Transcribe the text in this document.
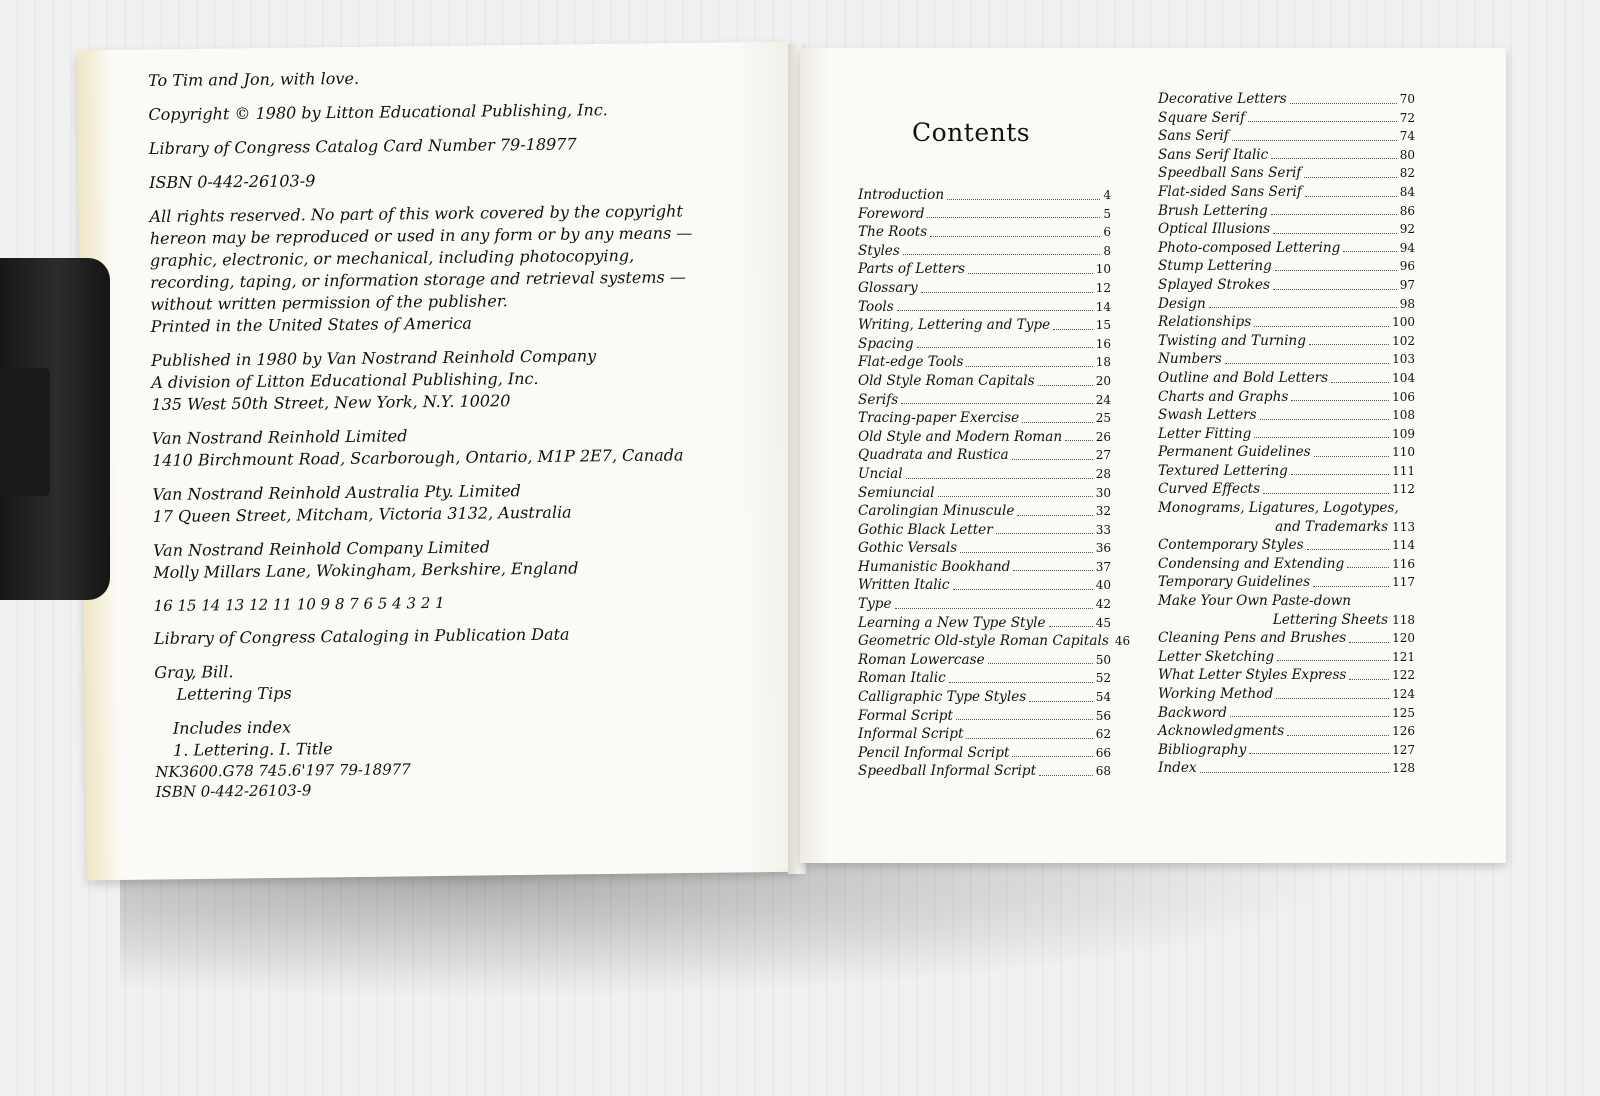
To Tim and Jon, with love.
Copyright © 1980 by Litton Educational Publishing, Inc.
Library of Congress Catalog Card Number 79-18977
ISBN 0-442-26103-9
All rights reserved. No part of this work covered by the copyright
hereon may be reproduced or used in any form or by any means —
graphic, electronic, or mechanical, including photocopying,
recording, taping, or information storage and retrieval systems —
without written permission of the publisher.
Printed in the United States of America
Published in 1980 by Van Nostrand Reinhold Company
A division of Litton Educational Publishing, Inc.
135 West 50th Street, New York, N.Y. 10020
Van Nostrand Reinhold Limited
1410 Birchmount Road, Scarborough, Ontario, M1P 2E7, Canada
Van Nostrand Reinhold Australia Pty. Limited
17 Queen Street, Mitcham, Victoria 3132, Australia
Van Nostrand Reinhold Company Limited
Molly Millars Lane, Wokingham, Berkshire, England
16 15 14 13 12 11 10 9 8 7 6 5 4 3 2 1
Library of Congress Cataloging in Publication Data
Gray, Bill.
Lettering Tips
Includes index
1. Lettering. I. Title
NK3600.G78 745.6'197 79-18977
ISBN 0-442-26103-9
Contents
Introduction	4
Foreword	5
The Roots	6
Styles	8
Parts of Letters	10
Glossary	12
Tools	14
Writing, Lettering and Type	15
Spacing	16
Flat-edge Tools	18
Old Style Roman Capitals	20
Serifs	24
Tracing-paper Exercise	25
Old Style and Modern Roman	26
Quadrata and Rustica	27
Uncial	28
Semiuncial	30
Carolingian Minuscule	32
Gothic Black Letter	33
Gothic Versals	36
Humanistic Bookhand	37
Written Italic	40
Type	42
Learning a New Type Style	45
Geometric Old-style Roman Capitals 46
Roman Lowercase	50
Roman Italic	52
Calligraphic Type Styles	54
Formal Script	56
Informal Script	62
Pencil Informal Script	66
Speedball Informal Script	68
Decorative Letters	70
Square Serif	72
Sans Serif	74
Sans Serif Italic	80
Speedball Sans Serif	82
Flat-sided Sans Serif	84
Brush Lettering	86
Optical Illusions	92
Photo-composed Lettering	94
Stump Lettering	96
Splayed Strokes	97
Design	98
Relationships	100
Twisting and Turning	102
Numbers	103
Outline and Bold Letters	104
Charts and Graphs	106
Swash Letters	108
Letter Fitting	109
Permanent Guidelines	110
Textured Lettering	111
Curved Effects	112
Monograms, Ligatures, Logotypes,
and Trademarks 113
Contemporary Styles	114
Condensing and Extending	116
Temporary Guidelines	117
Make Your Own Paste-down
Lettering Sheets 118
Cleaning Pens and Brushes	120
Letter Sketching	121
What Letter Styles Express	122
Working Method	124
Backword	125
Acknowledgments	126
Bibliography	127
Index	128
